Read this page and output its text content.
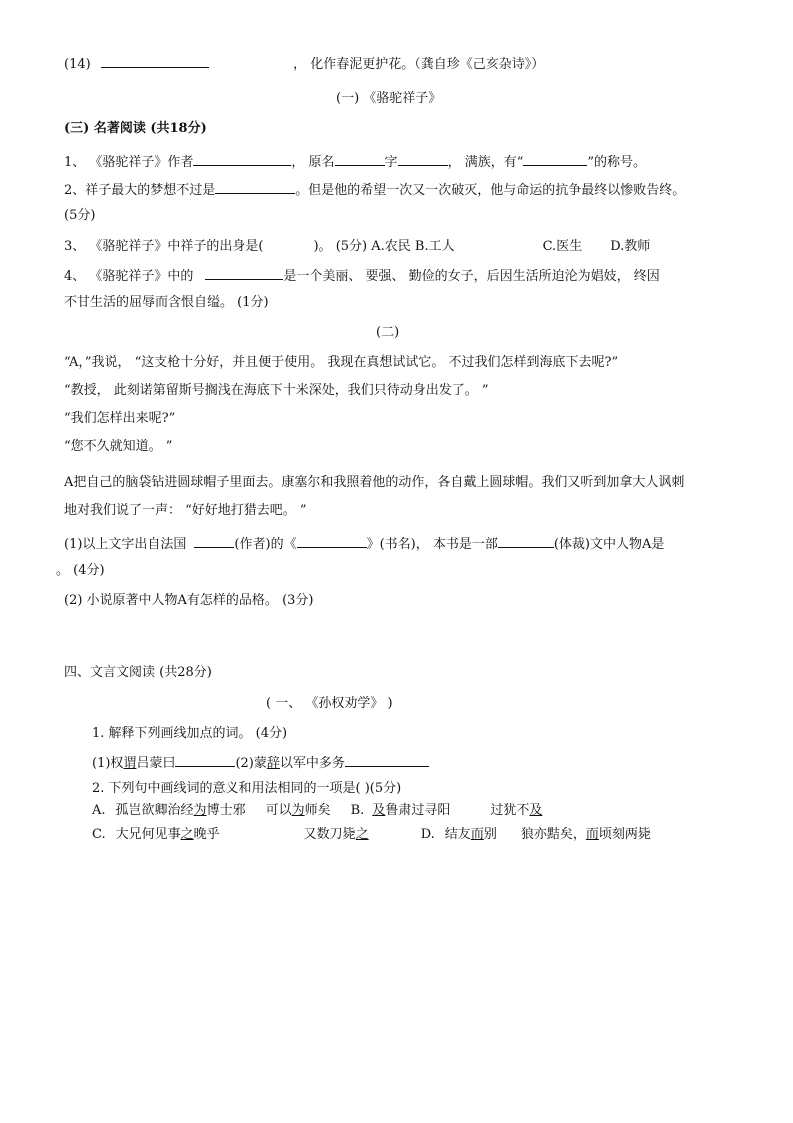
(14)	， 化作春泥更护花。（龚自珍《己亥杂诗》）
(一) 《骆驼祥子》
(三) 名著阅读 (共18分)
1、 《骆驼祥子》作者	， 原名	字	， 满族，有“	”的称号。
2、祥子最大的梦想不过是	。但是他的希望一次又一次破灭，他与命运的抗争最终以惨败告终。
(5分)
3、 《骆驼祥子》中祥子的出身是(	)。 (5分) A.农民 B.工人	C.医生 D.教师
4、 《骆驼祥子》中的	是一个美丽、 要强、 勤俭的女子，后因生活所迫沦为娼妓， 终因
不甘生活的屈辱而含恨自缢。 (1分)
(二)
“A，”我说， “这支枪十分好，并且便于使用。 我现在真想试试它。 不过我们怎样到海底下去呢?”
“教授， 此刻诺第留斯号搁浅在海底下十米深处，我们只待动身出发了。 ”
“我们怎样出来呢?”
“您不久就知道。 ”
A把自己的脑袋钻进圆球帽子里面去。康塞尔和我照着他的动作，各自戴上圆球帽。我们又听到加拿大人讽刺
地对我们说了一声： “好好地打猎去吧。 ”
(1)以上文字出自法国	(作者)的《	》(书名)， 本书是一部	(体裁)文中人物A是
。 (4分)
(2) 小说原著中人物A有怎样的品格。 (3分)
四、文言文阅读 (共28分)
( 一、 《孙权劝学》 )
1. 解释下列画线加点的词。 (4分)
(1)权谓吕蒙曰	(2)蒙辞以军中多务
2. 下列句中画线词的意义和用法相同的一项是( )(5分)
A. 孤岂欲卿治经为博士邪 可以为师矣 B. 及鲁肃过寻阳	过犹不及
C. 大兄何见事之晚乎	又数刀毙之	D. 结友而别 狼亦黠矣，而顷刻两毙
